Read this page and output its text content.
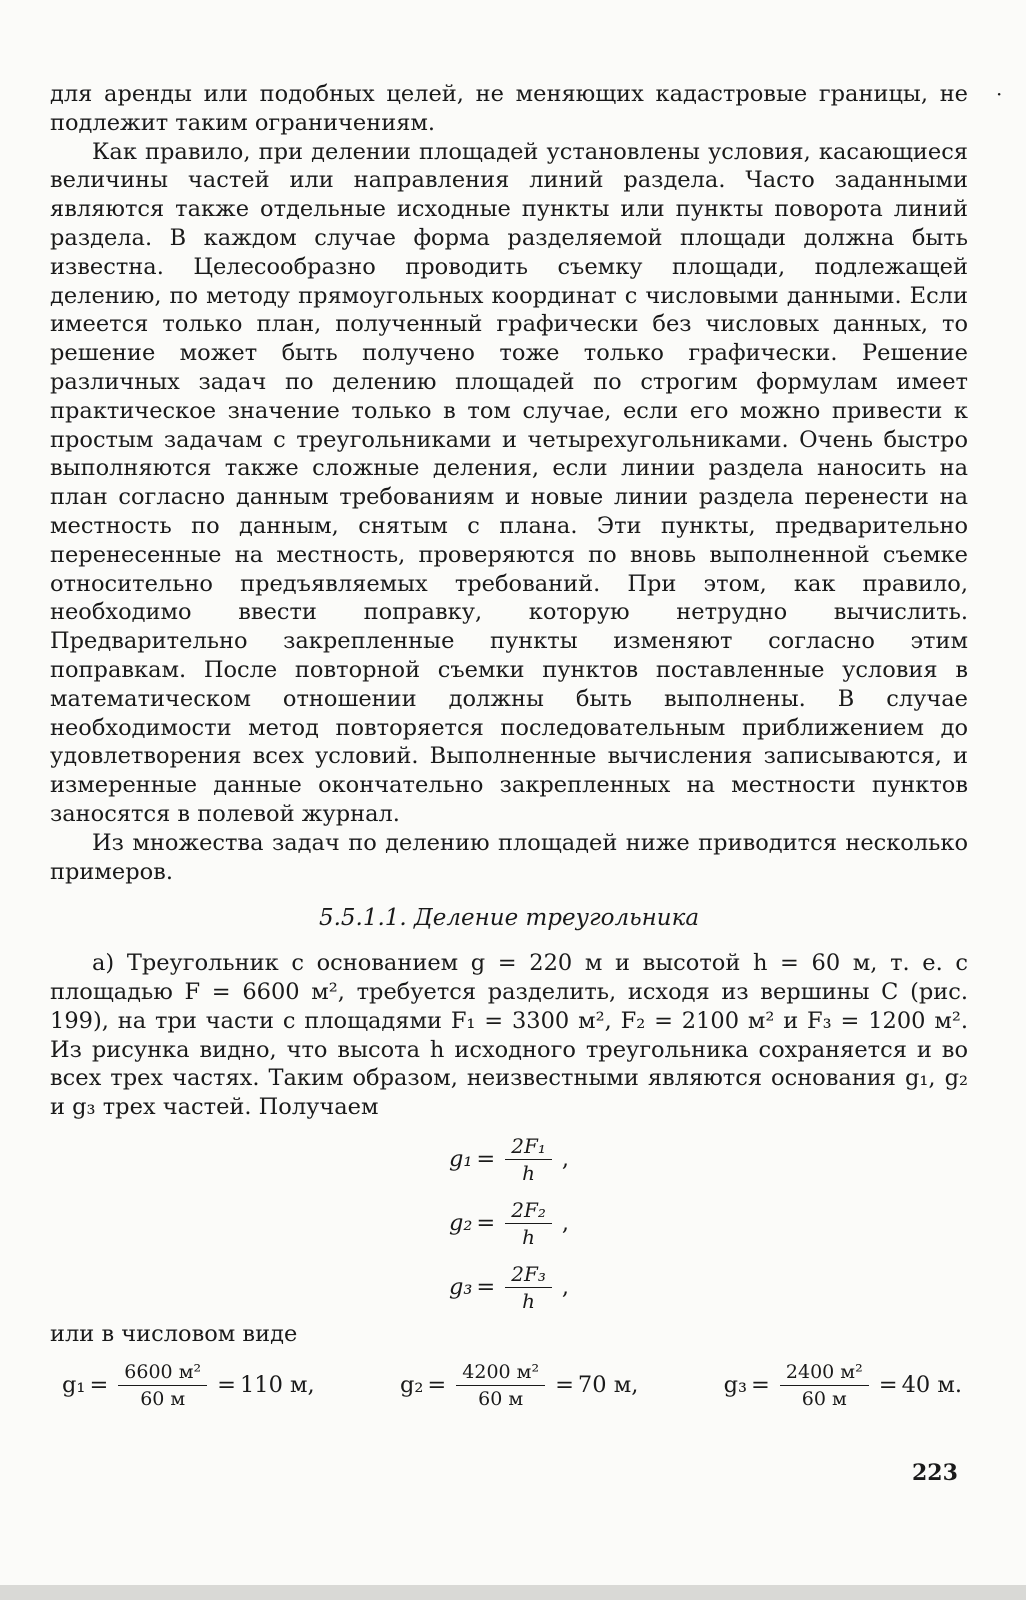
·

для аренды или подобных целей, не меняющих кадастровые границы, не подлежит таким ограничениям.

Как правило, при делении площадей установлены условия, касающиеся величины частей или направления линий раздела. Часто заданными являются также отдельные исходные пункты или пункты поворота линий раздела. В каждом случае форма разделяемой площади должна быть известна. Целесообразно проводить съемку площади, подлежащей делению, по методу прямоугольных координат с числовыми данными. Если имеется только план, полученный графически без числовых данных, то решение может быть получено тоже только графически. Решение различных задач по делению площадей по строгим формулам имеет практическое значение только в том случае, если его можно привести к простым задачам с треугольниками и четырехугольниками. Очень быстро выполняются также сложные деления, если линии раздела наносить на план согласно данным требованиям и новые линии раздела перенести на местность по данным, снятым с плана. Эти пункты, предварительно перенесенные на местность, проверяются по вновь выполненной съемке относительно предъявляемых требований. При этом, как правило, необходимо ввести поправку, которую нетрудно вычислить. Предварительно закрепленные пункты изменяют согласно этим поправкам. После повторной съемки пунктов поставленные условия в математическом отношении должны быть выполнены. В случае необходимости метод повторяется последовательным приближением до удовлетворения всех условий. Выполненные вычисления записываются, и измеренные данные окончательно закрепленных на местности пунктов заносятся в полевой журнал.

Из множества задач по делению площадей ниже приводится несколько примеров.

5.5.1.1. Деление треугольника

а) Треугольник с основанием g = 220 м и высотой h = 60 м, т. е. с площадью F = 6600 м², требуется разделить, исходя из вершины C (рис. 199), на три части с площадями F₁ = 3300 м², F₂ = 2100 м² и F₃ = 1200 м². Из рисунка видно, что высота h исходного треугольника сохраняется и во всех трех частях. Таким образом, неизвестными являются основания g₁, g₂ и g₃ трех частей. Получаем

$g_1 = \frac{\text{2F₁}}{h}$ ,
$g_2 = \frac{\text{2F₂}}{h}$ ,
$g_3 = \frac{\text{2F₃}}{h}$ ,

или в числовом виде

$g_1 = \frac{\text{6600 м²}}{60 м} = 110$ м,	$g_2 = \frac{\text{4200 м²}}{60 м} = 70$ м,	$g_3 = \frac{\text{2400 м²}}{60 м} = 40$ м.
223
